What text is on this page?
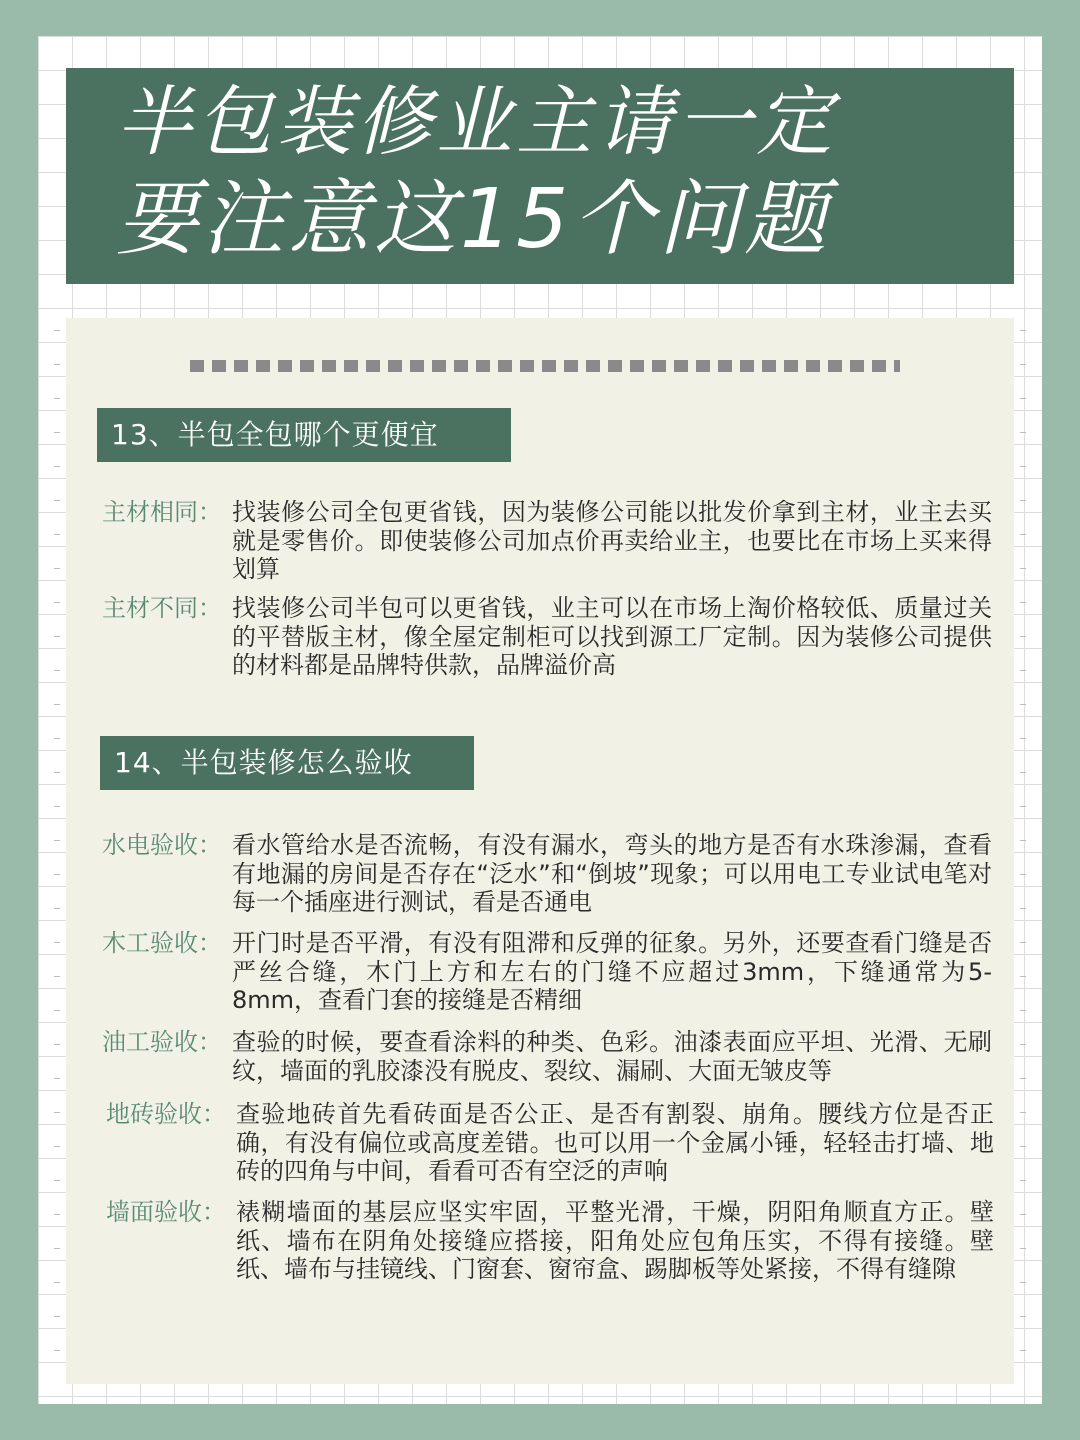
半包装修业主请一定
要注意这15个问题
13、半包全包哪个更便宜
主材相同： 找装修公司全包更省钱，因为装修公司能以批发价拿到主材，业主去买就是零售价。即使装修公司加点价再卖给业主，也要比在市场上买来得划算
主材不同： 找装修公司半包可以更省钱，业主可以在市场上淘价格较低、质量过关的平替版主材，像全屋定制柜可以找到源工厂定制。因为装修公司提供的材料都是品牌特供款，品牌溢价高
14、半包装修怎么验收
水电验收： 看水管给水是否流畅，有没有漏水，弯头的地方是否有水珠渗漏，查看有地漏的房间是否存在“泛水”和“倒坡”现象；可以用电工专业试电笔对每一个插座进行测试，看是否通电
木工验收： 开门时是否平滑，有没有阻滞和反弹的征象。另外，还要查看门缝是否严丝合缝，木门上方和左右的门缝不应超过3mm，下缝通常为5-8mm，查看门套的接缝是否精细
油工验收： 查验的时候，要查看涂料的种类、色彩。油漆表面应平坦、光滑、无刷纹，墙面的乳胶漆没有脱皮、裂纹、漏刷、大面无皱皮等
地砖验收： 查验地砖首先看砖面是否公正、是否有割裂、崩角。腰线方位是否正确，有没有偏位或高度差错。也可以用一个金属小锤，轻轻击打墙、地砖的四角与中间，看看可否有空泛的声响
墙面验收： 裱糊墙面的基层应坚实牢固，平整光滑，干燥，阴阳角顺直方正。壁纸、墙布在阴角处接缝应搭接，阳角处应包角压实，不得有接缝。壁纸、墙布与挂镜线、门窗套、窗帘盒、踢脚板等处紧接，不得有缝隙
